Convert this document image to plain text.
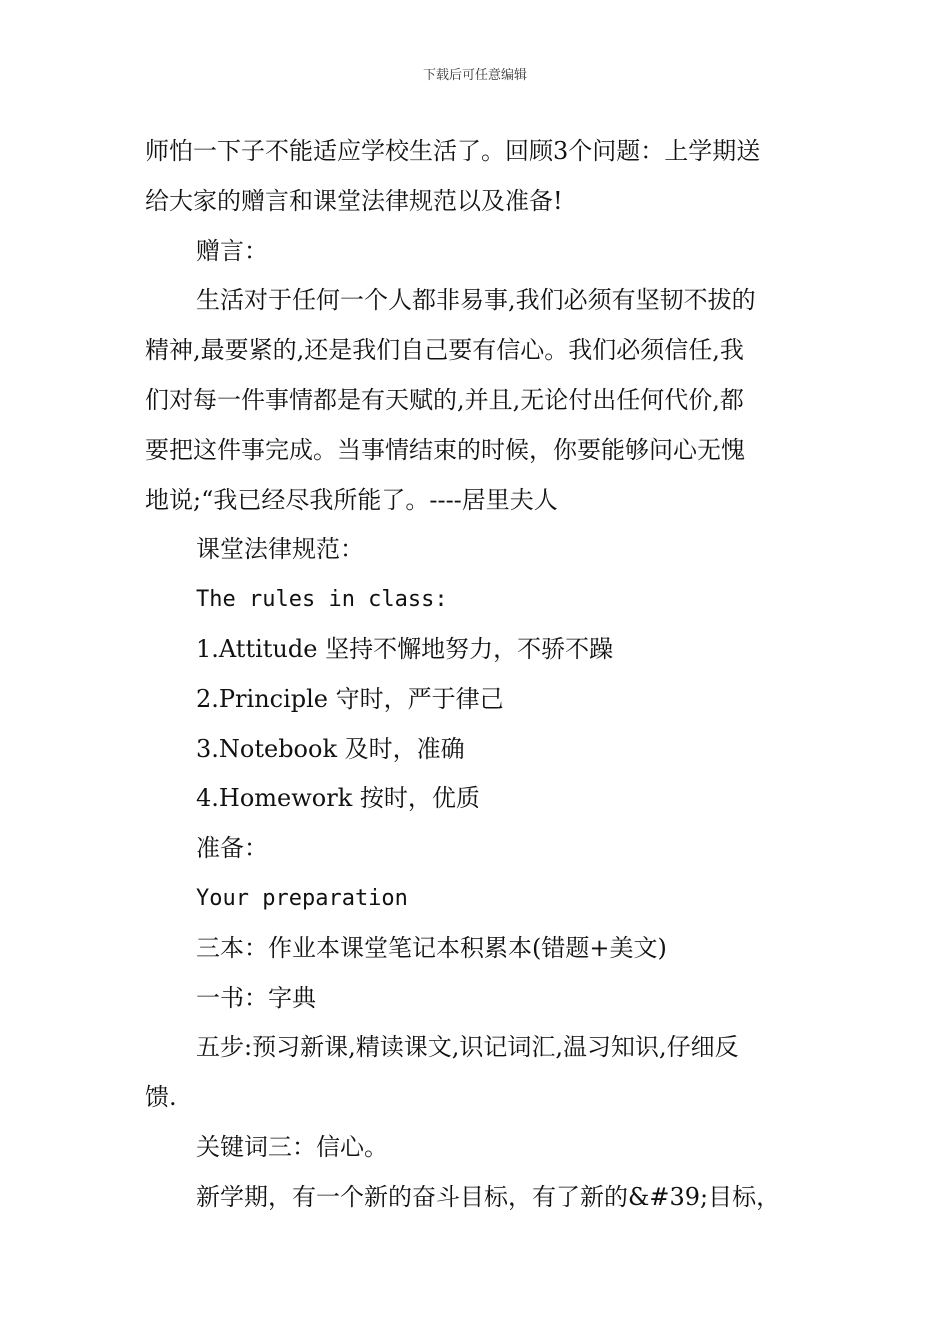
下载后可任意编辑
师怕一下子不能适应学校生活了。回顾3个问题：上学期送
给大家的赠言和课堂法律规范以及准备!
赠言：
生活对于任何一个人都非易事,我们必须有坚韧不拔的
精神,最要紧的,还是我们自己要有信心。我们必须信任,我
们对每一件事情都是有天赋的,并且,无论付出任何代价,都
要把这件事完成。当事情结束的时候，你要能够问心无愧
地说;“我已经尽我所能了。----居里夫人
课堂法律规范：
The rules in class:
1.Attitude 坚持不懈地努力，不骄不躁
2.Principle 守时，严于律己
3.Notebook 及时，准确
4.Homework 按时，优质
准备：
Your preparation
三本：作业本课堂笔记本积累本(错题+美文)
一书：字典
五步:预习新课,精读课文,识记词汇,温习知识,仔细反
馈.
关键词三：信心。
新学期，有一个新的奋斗目标，有了新的&#39;目标，
